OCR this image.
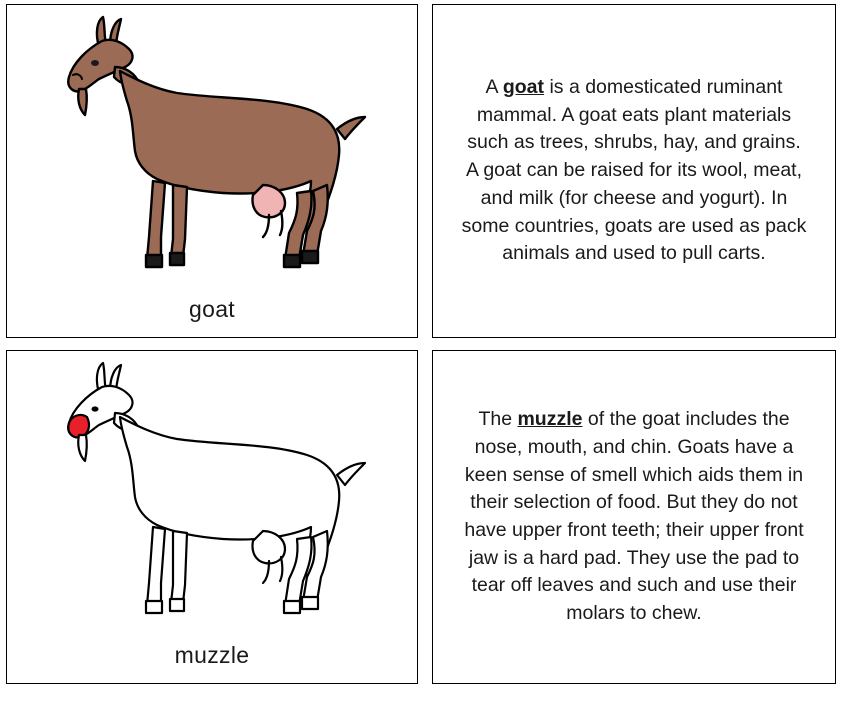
goat

A goat is a domesticated ruminant mammal. A goat eats plant materials such as trees, shrubs, hay, and grains. A goat can be raised for its wool, meat, and milk (for cheese and yogurt). In some countries, goats are used as pack animals and used to pull carts.

muzzle

The muzzle of the goat includes the nose, mouth, and chin. Goats have a keen sense of smell which aids them in their selection of food. But they do not have upper front teeth; their upper front jaw is a hard pad. They use the pad to tear off leaves and such and use their molars to chew.
